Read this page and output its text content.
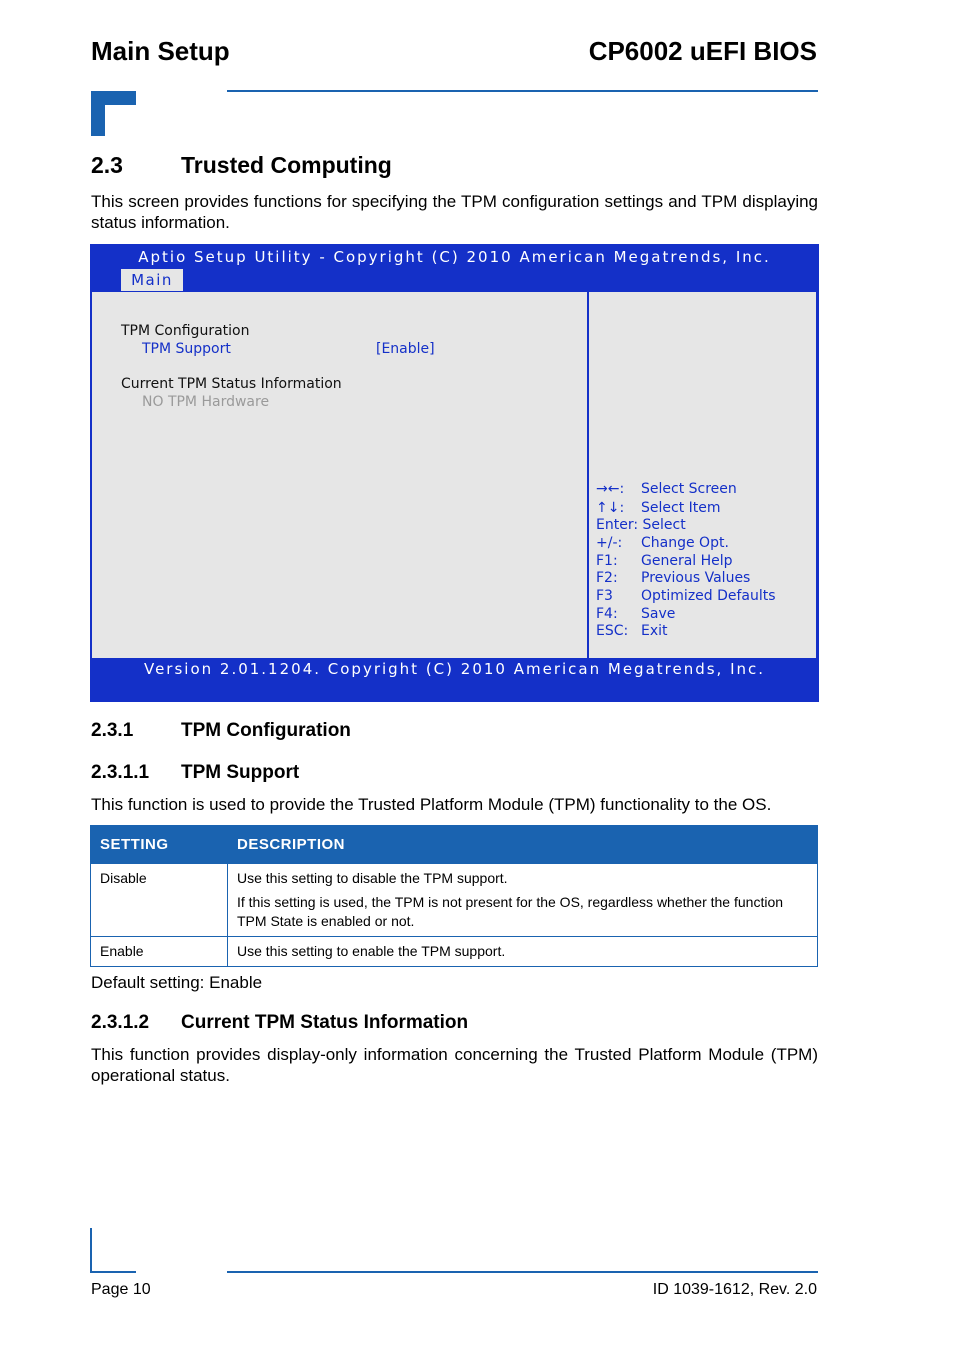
Main Setup	CP6002 uEFI BIOS
2.3	Trusted Computing
This screen provides functions for specifying the TPM configuration settings and TPM displaying status information.
Aptio Setup Utility - Copyright (C) 2010 American Megatrends, Inc.
Main
TPM Configuration
TPM Support	[Enable]
Current TPM Status Information
NO TPM Hardware
→←: Select Screen
↑↓: Select Item
Enter: Select
+/-: Change Opt.
F1: General Help
F2: Previous Values
F3 Optimized Defaults
F4: Save
ESC: Exit
Version 2.01.1204. Copyright (C) 2010 American Megatrends, Inc.
2.3.1	TPM Configuration
2.3.1.1 TPM Support
This function is used to provide the Trusted Platform Module (TPM) functionality to the OS.
SETTING	DESCRIPTION
Disable	Use this setting to disable the TPM support.

If this setting is used, the TPM is not present for the OS, regardless whether the function TPM State is enabled or not.

Enable	Use this setting to enable the TPM support.

Default setting: Enable
2.3.1.2 Current TPM Status Information
This function provides display-only information concerning the Trusted Platform Module (TPM) operational status.
Page 10	ID 1039-1612, Rev. 2.0
